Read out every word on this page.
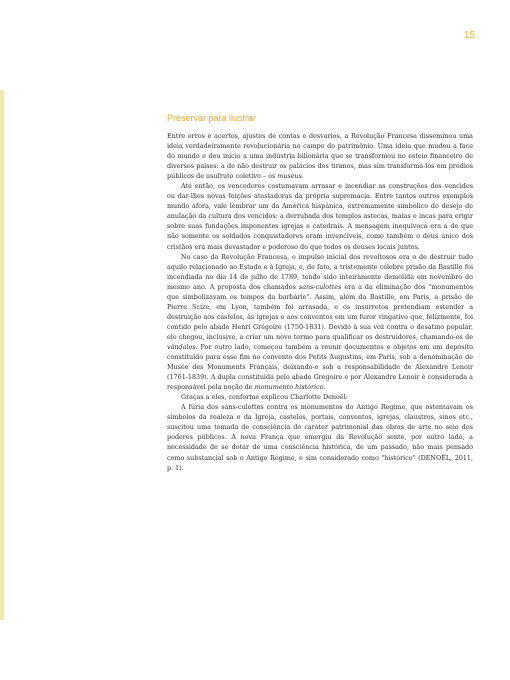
15
Preservar para ilustrar

Entre erros e acertos, ajustes de contas e desvarios, a Revolução Francesa disseminou uma ideia verdadeiramente revolucionária no campo do patrimônio. Uma ideia que mudou a face do mundo e deu início a uma indústria bilionária que se transformou no esteio financeiro de diversos países: a de não destruir os palácios dos tiranos, mas sim transformá-los em prédios públicos de usufruto coletivo – os museus.

Até então, os vencedores costumavam arrasar e incendiar as construções dos vencidos ou dar-lhes novas feições atestadoras da própria supremacia. Entre tantos outros exemplos mundo afora, vale lembrar um da América hispânica, extremamente simbólico do desejo de anulação da cultura dos vencidos: a derrubada dos templos astecas, maias e incas para erigir sobre suas fundações imponentes igrejas e catedrais. A mensagem inequívoca era a de que não somente os soldados conquistadores eram invencíveis, como também o deus único dos cristãos era mais devastador e poderoso do que todos os deuses locais juntos.

No caso da Revolução Francesa, o impulso inicial dos revoltosos era o de destruir tudo aquilo relacionado ao Estado e à Igreja, e, de fato, a tristemente célebre prisão da Bastille foi incendiada no dia 14 de julho de 1789, tendo sido inteiramente demolida em novembro do mesmo ano. A proposta dos chamados sans-culottes era a da eliminação dos "monumentos que simbolizavam os tempos da barbárie". Assim, além da Bastille, em Paris, a prisão de Pierre Scize, em Lyon, também foi arrasada, e os insurretos pretendiam estender a destruição aos castelos, às igrejas e aos conventos em um furor vingativo que, felizmente, foi contido pelo abade Henri Grégoire (1750-1831). Devido à sua voz contra o desatino popular, ele chegou, inclusive, a criar um novo termo para qualificar os destruidores, chamando-os de vândalos. Por outro lado, começou também a reunir documentos e objetos em um depósito constituído para esse fim no convento dos Petits Augustins, em Paris, sob a denominação de Musée des Monuments Français, deixando-o sob a responsabilidade de Alexandre Lenoir (1761-1839). A dupla constituída pelo abade Grégoire e por Alexandre Lenoir é considerada a responsável pela noção de monumento histórico.

Graças a eles, conforme explicou Charlotte Denoël:

A fúria dos sans-culottes contra os monumentos do Antigo Regime, que ostentavam os símbolos da realeza e da Igreja, castelos, portais, conventos, igrejas, claustros, sinos etc., suscitou uma tomada de consciência do caráter patrimonial das obras de arte no seio dos poderes públicos. A nova França que emergiu da Revolução sente, por outro lado, a necessidade de se dotar de uma consciência histórica, de um passado, não mais pensado como substancial sob o Antigo Regime, e sim considerado como "histórico" (DENOËL, 2011, p. 1).
